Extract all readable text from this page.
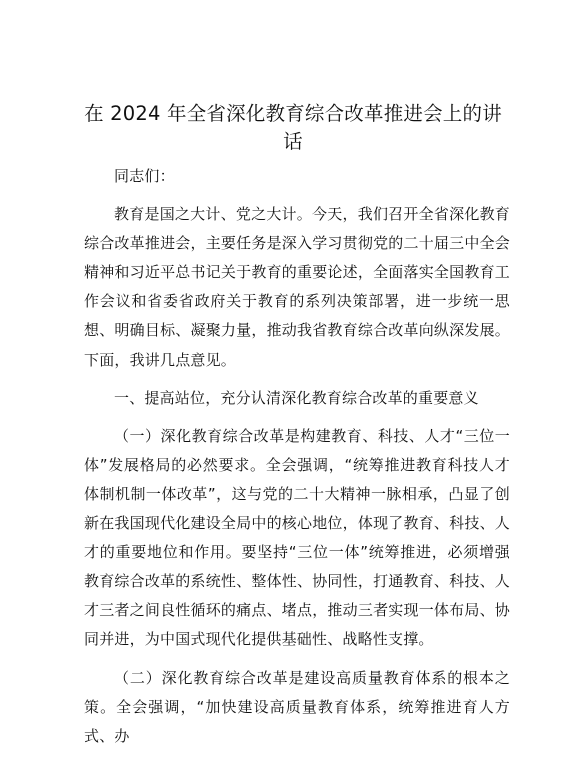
在 2024 年全省深化教育综合改革推进会上的讲话

同志们：

教育是国之大计、党之大计。今天，我们召开全省深化教育综合改革推进会，主要任务是深入学习贯彻党的二十届三中全会精神和习近平总书记关于教育的重要论述，全面落实全国教育工作会议和省委省政府关于教育的系列决策部署，进一步统一思想、明确目标、凝聚力量，推动我省教育综合改革向纵深发展。下面，我讲几点意见。

一、提高站位，充分认清深化教育综合改革的重要意义

（一）深化教育综合改革是构建教育、科技、人才“三位一体”发展格局的必然要求。全会强调，“统筹推进教育科技人才体制机制一体改革”，这与党的二十大精神一脉相承，凸显了创新在我国现代化建设全局中的核心地位，体现了教育、科技、人才的重要地位和作用。要坚持“三位一体”统筹推进，必须增强教育综合改革的系统性、整体性、协同性，打通教育、科技、人才三者之间良性循环的痛点、堵点，推动三者实现一体布局、协同并进，为中国式现代化提供基础性、战略性支撑。

（二）深化教育综合改革是建设高质量教育体系的根本之策。全会强调，“加快建设高质量教育体系，统筹推进育人方式、办
